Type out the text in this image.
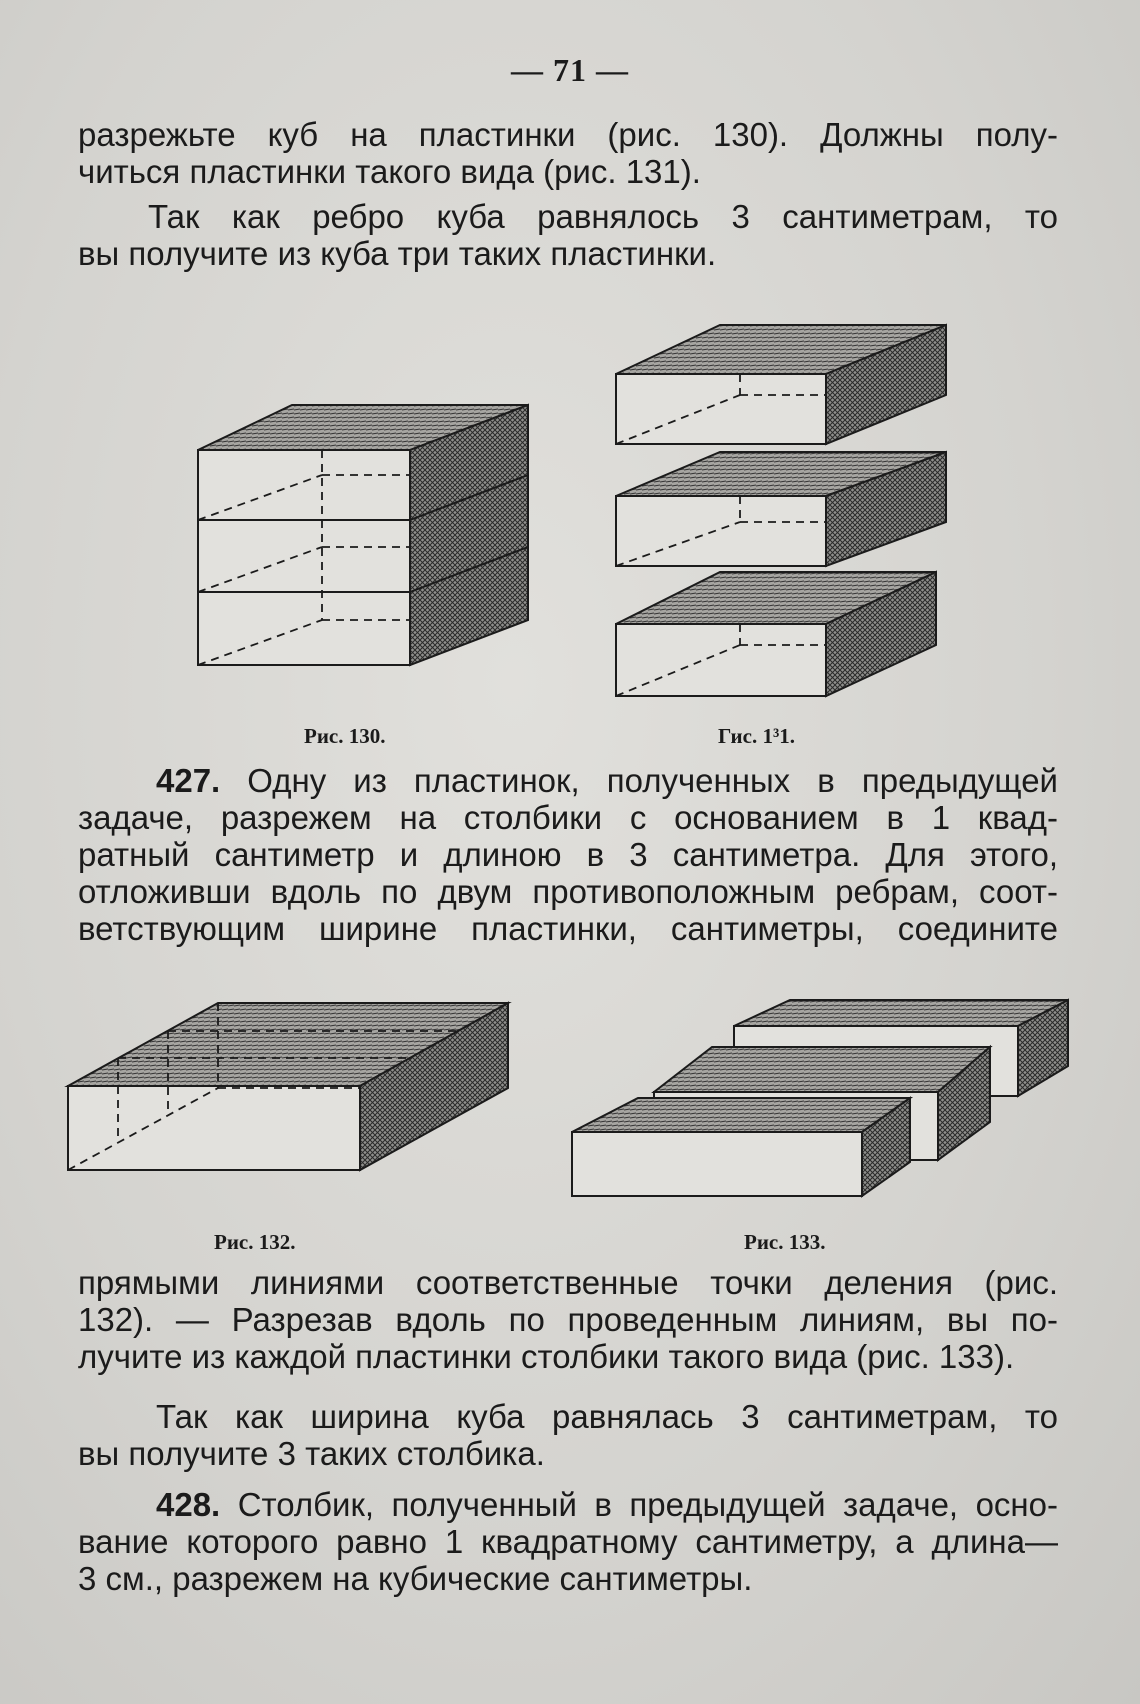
— 71 —

разрежьте куб на пластинки (рис. 130). Должны полу-
читься пластинки такого вида (рис. 131).

Так как ребро куба равнялось 3 сантиметрам, то
вы получите из куба три таких пластинки.

Рис. 130.	Гис. 1³1.

427. Одну из пластинок, полученных в предыдущей
задаче, разрежем на столбики с основанием в 1 квад-
ратный сантиметр и длиною в 3 сантиметра. Для этого,
отложивши вдоль по двум противоположным ребрам, соот-
ветствующим ширине пластинки, сантиметры, соедините

Рис. 132.	Рис. 133.

прямыми линиями соответственные точки деления (рис.
132). — Разрезав вдоль по проведенным линиям, вы по-
лучите из каждой пластинки столбики такого вида (рис. 133).

Так как ширина куба равнялась 3 сантиметрам, то
вы получите 3 таких столбика.

428. Столбик, полученный в предыдущей задаче, осно-
вание которого равно 1 квадратному сантиметру, а длина—
3 см., разрежем на кубические сантиметры.
